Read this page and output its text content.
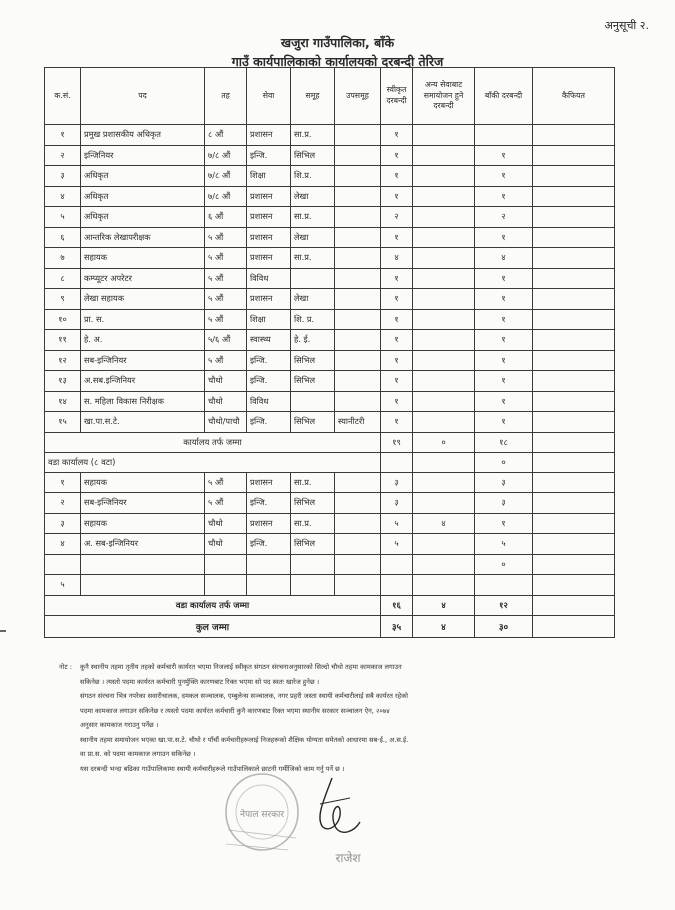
अनुसूची २.
खजुरा गाउँपालिका, बाँके
गाउँ कार्यपालिकाको कार्यालयको दरबन्दी तेरिज
क.सं.	पद	तह	सेवा	समूह	उपसमूह	स्वीकृत दरबन्दी	अन्य सेवाबाट समायोजन हुने दरबन्दी	बाँकी दरबन्दी	कैफियत
१	प्रमुख प्रशासकीय अधिकृत	८ औं	प्रशासन	सा.प्र.		१			
२	इन्जिनियर	७/८ औं	इन्जि.	सिभिल		१		१	
३	अधिकृत	७/८ औं	शिक्षा	शि.प्र.		१		१	
४	अधिकृत	७/८ औं	प्रशासन	लेखा		१		१	
५	अधिकृत	६ औं	प्रशासन	सा.प्र.		२		२	
६	आन्तरिक लेखापरीक्षक	५ औं	प्रशासन	लेखा		१		१	
७	सहायक	५ औं	प्रशासन	सा.प्र.		४		४	
८	कम्प्यूटर अपरेटर	५ औं	विविध			१		१	
९	लेखा सहायक	५ औं	प्रशासन	लेखा		१		१	
१०	प्रा. स.	५ औं	शिक्षा	शि. प्र.		१		१	
११	हे. अ.	५/६ औं	स्वास्थ्य	हे. ई.		१		१	
१२	सब-इन्जिनियर	५ औं	इन्जि.	सिभिल		१		१	
१३	अ.सब.इन्जिनियर	चौथो	इन्जि.	सिभिल		१		१	
१४	स. महिला विकास निरीक्षक	चौथो	विविध			१		१	
१५	खा.पा.स.टे.	चौथो/पाचौ	इन्जि.	सिभिल	स्यानीटरी	१		१	
कार्यालय तर्फ जम्मा						१९	०	१८	
वडा कार्यालय (८ वटा)								०	
१	सहायक	५ औं	प्रशासन	सा.प्र.		३		३	
२	सब-इन्जिनियर	५ औं	इन्जि.	सिभिल		३		३	
३	सहायक	चौथो	प्रशासन	सा.प्र.		५	४	१	
४	अ. सब-इन्जिनियर	चौथो	इन्जि.	सिभिल		५		५	
								०	
५									
वडा कार्यालय तर्फ जम्मा						१६	४	१२	
कुल जम्मा						३५	४	३०	
नोट : कुनै स्थानीय तहमा तृतीय तहको कर्मचारी कार्यरत भएमा निजलाई स्वीकृत संगठन संरचनाअनुसारको सिल्दो चौथो तहमा कामकाज लगाउन

सकिनेछ । त्यस्तो पदमा कार्यरत कर्मचारी पुनर्मुक्ति कारणबाट रिक्त भएमा सो पद स्वतः खारेज हुनेछ ।

संगठन संरचना भित्र नपरेका सवारीचालक, दमकल सञ्चालक, एम्बुलेन्स सञ्चालक, नगर प्रहरी जस्ता स्थायी कर्मचारीलाई सबै कार्यरत रहेको

पदमा कामकाज लगाउन सकिनेछ र त्यस्तो पदमा कार्यरत कर्मचारी कुनै कारणबाट रिक्त भएमा स्थानीय सरकार सञ्चालन ऐन, २०७४

अनुसार कामकाज गराउनु पर्नेछ ।

स्थानीय तहमा समायोजन भएका खा.पा.स.टे. चौथो र पाँचौं कर्मचारीहरूलाई निजहरूको शैक्षिक योग्यता समेतको आधारमा सब-ई., अ.स.ई.

वा प्रा.स. को पदमा कामकाज लगाउन सकिनेछ ।

यस दरबन्दी भन्दा बढिका गाउँपालिकामा स्थायी कर्मचारीहरूले गाउँपालिकाले छाटनी गर्मीजिको काम गर्नु पर्ने छ ।

नेपाल सरकार
राजेश
